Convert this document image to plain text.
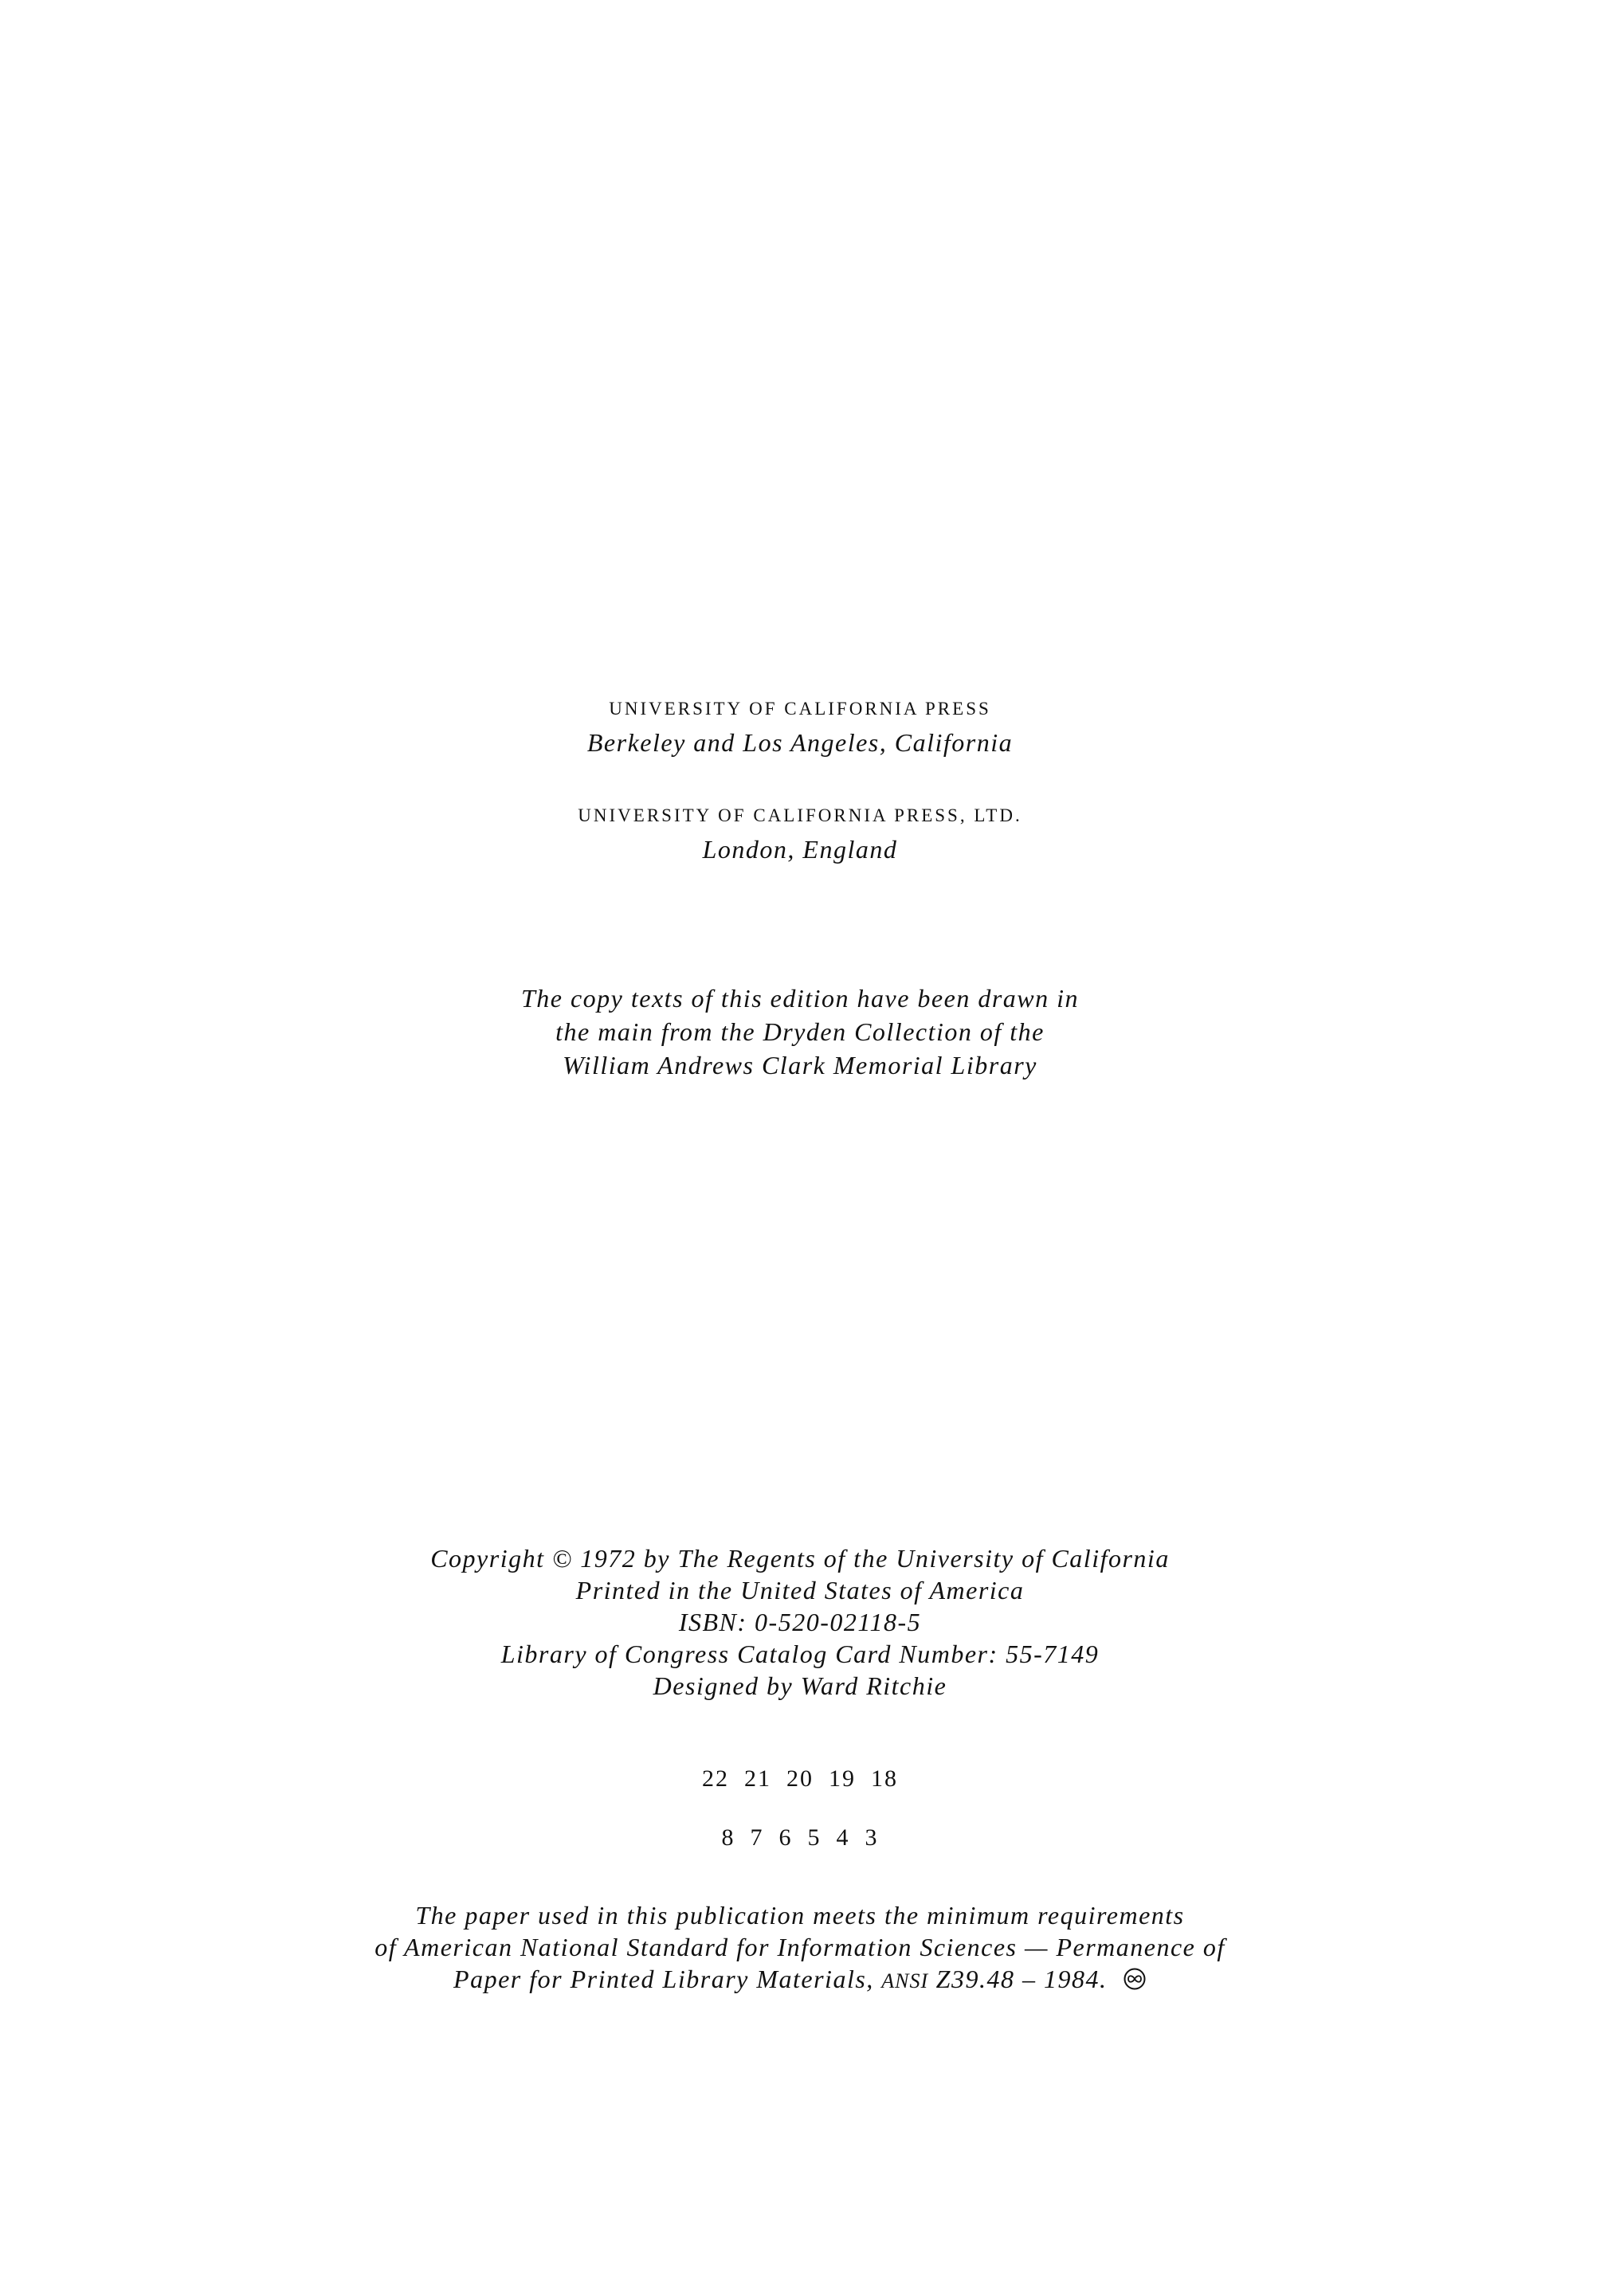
UNIVERSITY OF CALIFORNIA PRESS
Berkeley and Los Angeles, California
UNIVERSITY OF CALIFORNIA PRESS, LTD.
London, England
The copy texts of this edition have been drawn in
the main from the Dryden Collection of the
William Andrews Clark Memorial Library
Copyright © 1972 by The Regents of the University of California
Printed in the United States of America
ISBN: 0-520-02118-5
Library of Congress Catalog Card Number: 55-7149
Designed by Ward Ritchie
22  21  20  19  18
8  7  6  5  4  3
The paper used in this publication meets the minimum requirements
of American National Standard for Information Sciences — Permanence of
Paper for Printed Library Materials, ANSI Z39.48 – 1984.
